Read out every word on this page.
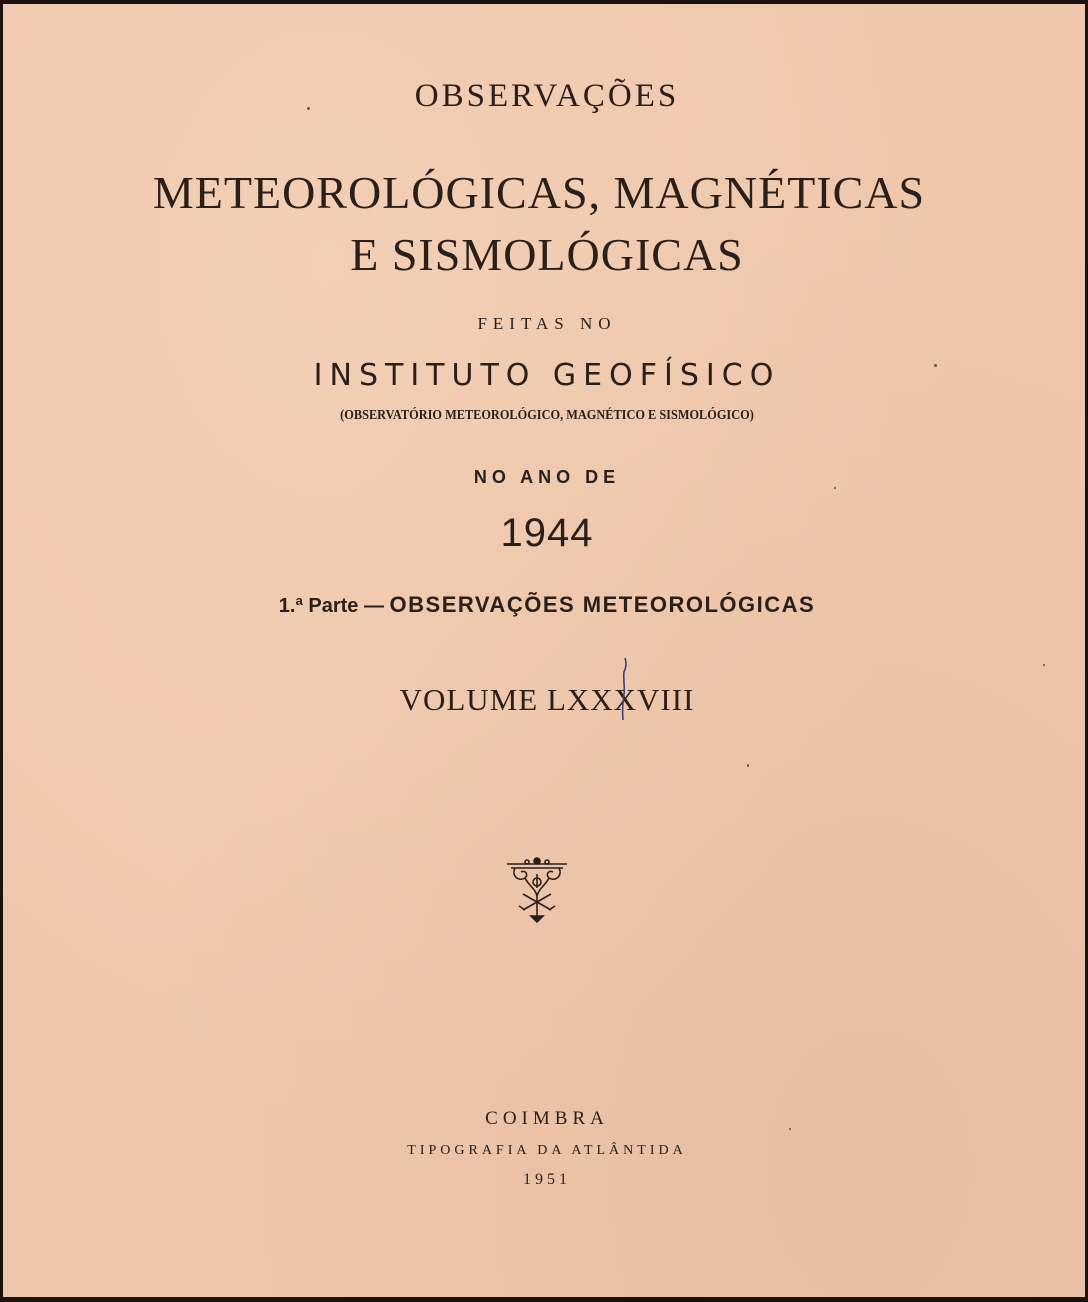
OBSERVAÇÕES
METEOROLÓGICAS, MAGNÉTICAS
E SISMOLÓGICAS
FEITAS NO
INSTITUTO GEOFÍSICO
(OBSERVATÓRIO METEOROLÓGICO, MAGNÉTICO E SISMOLÓGICO)
NO ANO DE
1944
1.ª Parte — OBSERVAÇÕES METEOROLÓGICAS
VOLUME LXXXVIII
COIMBRA
TIPOGRAFIA DA ATLÂNTIDA
1951
